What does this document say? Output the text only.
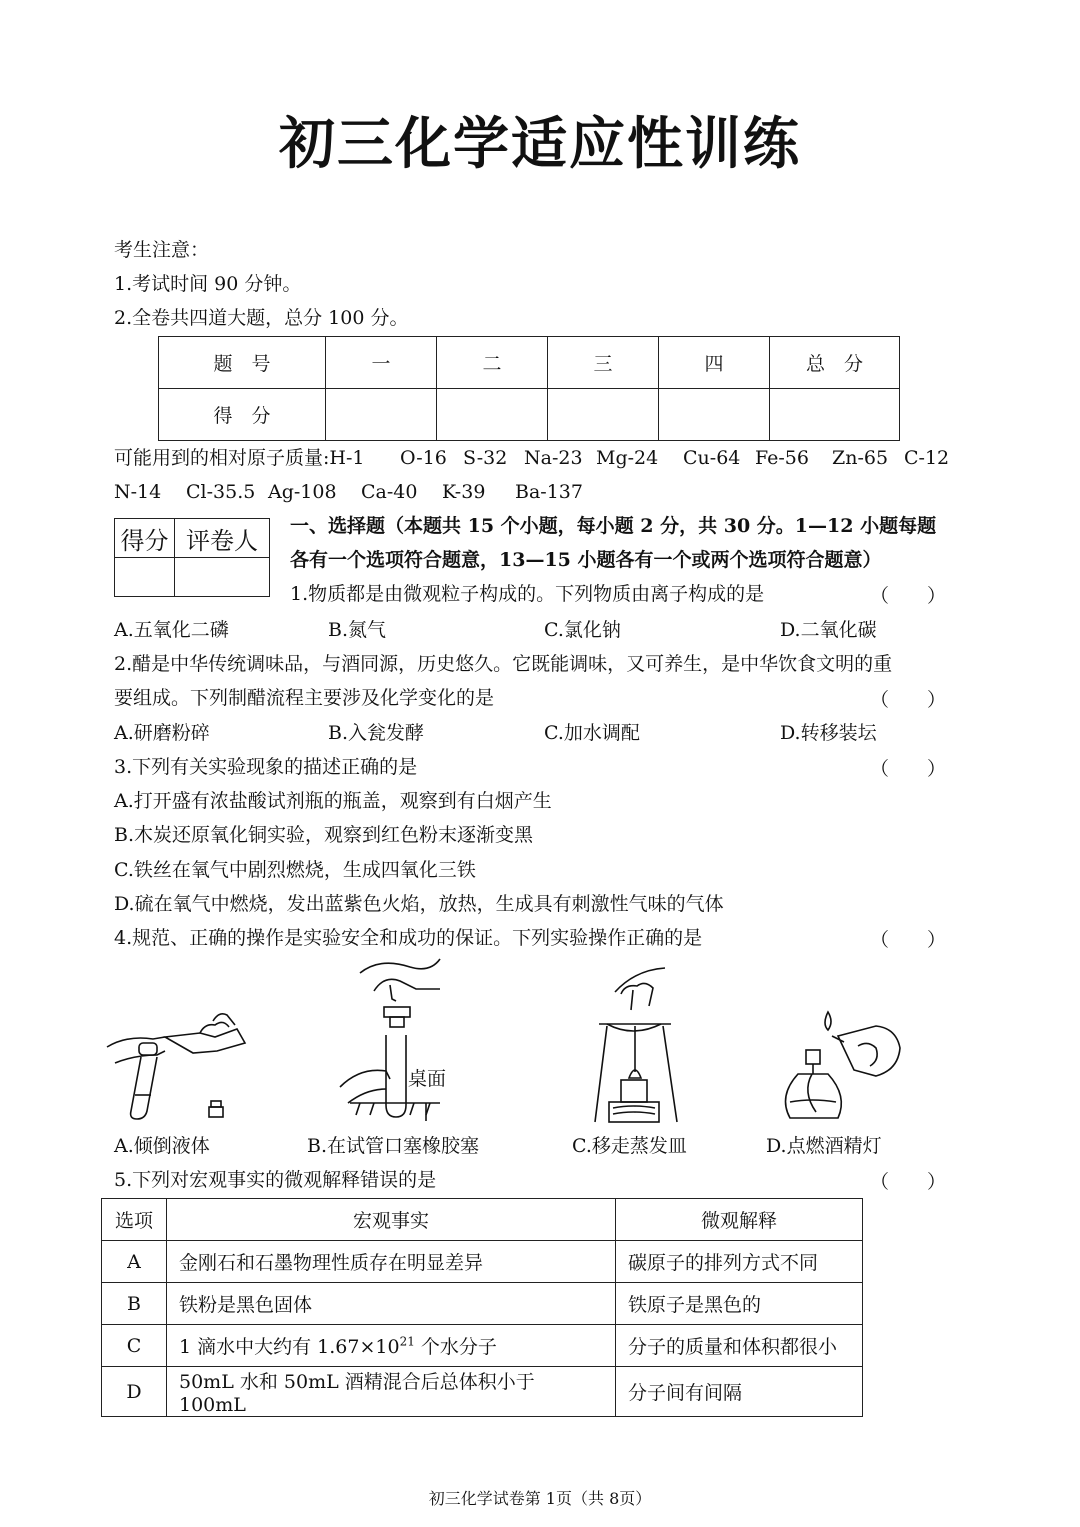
初三化学适应性训练
考生注意：
1.考试时间 90 分钟。
2.全卷共四道大题，总分 100 分。
题　号	一	二	三	四	总　分
得　分					
可能用到的相对原子质量:H-1 O-16 S-32 Na-23 Mg-24 Cu-64 Fe-56 Zn-65 C-12
N-14 Cl-35.5 Ag-108 Ca-40 K-39 Ba-137
得分	评卷人

一、选择题（本题共 15 个小题，每小题 2 分，共 30 分。1—12 小题每题
各有一个选项符合题意，13—15 小题各有一个或两个选项符合题意）
1.物质都是由微观粒子构成的。下列物质由离子构成的是	（　　）
A.五氧化二磷	B.氮气	C.氯化钠	D.二氧化碳
2.醋是中华传统调味品，与酒同源，历史悠久。它既能调味，又可养生，是中华饮食文明的重
要组成。下列制醋流程主要涉及化学变化的是	（　　）
A.研磨粉碎	B.入瓮发酵	C.加水调配	D.转移装坛
3.下列有关实验现象的描述正确的是	（　　）
A.打开盛有浓盐酸试剂瓶的瓶盖，观察到有白烟产生
B.木炭还原氧化铜实验，观察到红色粉末逐渐变黑
C.铁丝在氧气中剧烈燃烧，生成四氧化三铁
D.硫在氧气中燃烧，发出蓝紫色火焰，放热，生成具有刺激性气味的气体
4.规范、正确的操作是实验安全和成功的保证。下列实验操作正确的是	（　　）
桌面
A.倾倒液体	B.在试管口塞橡胶塞	C.移走蒸发皿	D.点燃酒精灯
5.下列对宏观事实的微观解释错误的是	（　　）
选项	宏观事实	微观解释
A	金刚石和石墨物理性质存在明显差异	碳原子的排列方式不同
B	铁粉是黑色固体	铁原子是黑色的
C	1 滴水中大约有 $1.67\times 10^{21}$ 个水分子	分子的质量和体积都很小
D	50mL 水和 50mL 酒精混合后总体积小于 100mL	分子间有间隔
初三化学试卷第 1页（共 8页）
